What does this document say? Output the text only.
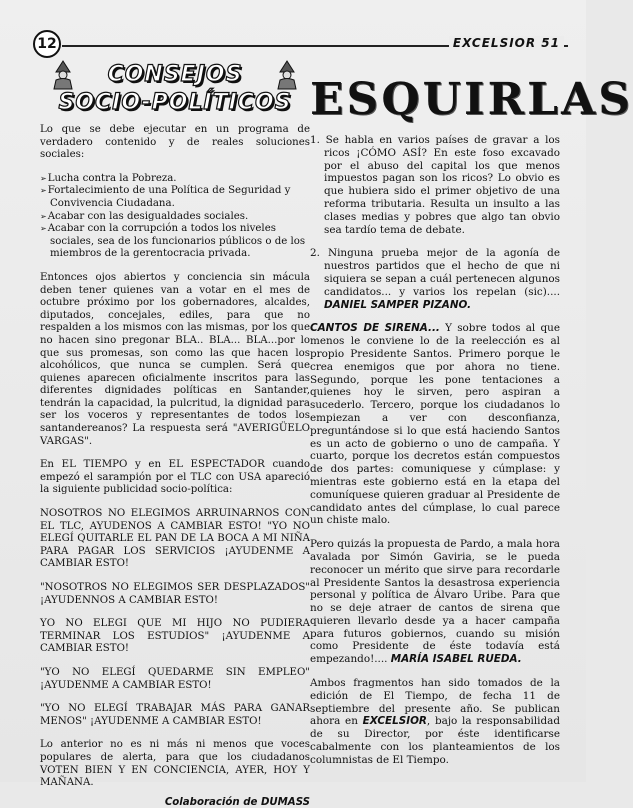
12	EXCELSIOR 51
CONSEJOS
SOCIO-POLÍTICOS

Lo que se debe ejecutar en un programa de verdadero contenido y de reales soluciones sociales:

➢ Lucha contra la Pobreza.
➢ Fortalecimiento de una Política de Seguridad y Convivencia Ciudadana.
➢ Acabar con las desigualdades sociales.
➢ Acabar con la corrupción a todos los niveles sociales, sea de los funcionarios públicos o de los miembros de la gerentocracia privada.

Entonces ojos abiertos y conciencia sin mácula deben tener quienes van a votar en el mes de octubre próximo por los gobernadores, alcaldes, diputados, concejales, ediles, para que no respalden a los mismos con las mismas, por los que no hacen sino pregonar BLA.. BLA... BLA...por lo que sus promesas, son como las que hacen los alcohólicos, que nunca se cumplen. Será que quienes aparecen oficialmente inscritos para las diferentes dignidades políticas en Santander, tendrán la capacidad, la pulcritud, la dignidad para ser los voceros y representantes de todos los santandereanos? La respuesta será "AVERIGÜELO VARGAS".

En EL TIEMPO y en EL ESPECTADOR cuando empezó el sarampión por el TLC con USA apareció la siguiente publicidad socio-política:

NOSOTROS NO ELEGIMOS ARRUINARNOS CON EL TLC, AYUDENOS A CAMBIAR ESTO! "YO NO ELEGÍ QUITARLE EL PAN DE LA BOCA A MI NIÑA PARA PAGAR LOS SERVICIOS ¡AYUDENME A CAMBIAR ESTO!

"NOSOTROS NO ELEGIMOS SER DESPLAZADOS" ¡AYUDENNOS A CAMBIAR ESTO!

YO NO ELEGI QUE MI HIJO NO PUDIERA TERMINAR LOS ESTUDIOS" ¡AYUDENME A CAMBIAR ESTO!

"YO NO ELEGÍ QUEDARME SIN EMPLEO" ¡AYUDENME A CAMBIAR ESTO!

"YO NO ELEGÍ TRABAJAR MÁS PARA GANAR MENOS" ¡AYUDENME A CAMBIAR ESTO!

Lo anterior no es ni más ni menos que voces populares de alerta, para que los ciudadanos VOTEN BIEN Y EN CONCIENCIA, AYER, HOY Y MAÑANA.

Colaboración de DUMASS
ESQUIRLAS
1. Se habla en varios países de gravar a los ricos ¡CÓMO ASÍ? En este foso excavado por el abuso del capital los que menos impuestos pagan son los ricos? Lo obvio es que hubiera sido el primer objetivo de una reforma tributaria. Resulta un insulto a las clases medias y pobres que algo tan obvio sea tardío tema de debate.
2. Ninguna prueba mejor de la agonía de nuestros partidos que el hecho de que ni siquiera se sepan a cuál pertenecen algunos candidatos... y varios los repelan (sic).... DANIEL SAMPER PIZANO.

CANTOS DE SIRENA... Y sobre todos al que menos le conviene lo de la reelección es al propio Presidente Santos. Primero porque le crea enemigos que por ahora no tiene. Segundo, porque les pone tentaciones a quienes hoy le sirven, pero aspiran a sucederlo. Tercero, porque los ciudadanos lo empiezan a ver con desconfianza, preguntándose si lo que está haciendo Santos es un acto de gobierno o uno de campaña. Y cuarto, porque los decretos están compuestos de dos partes: comuniquese y cúmplase: y mientras este gobierno está en la etapa del comuníquese quieren graduar al Presidente de candidato antes del cúmplase, lo cual parece un chiste malo.

Pero quizás la propuesta de Pardo, a mala hora avalada por Simón Gaviria, se le pueda reconocer un mérito que sirve para recordarle al Presidente Santos la desastrosa experiencia personal y política de Álvaro Uribe. Para que no se deje atraer de cantos de sirena que quieren llevarlo desde ya a hacer campaña para futuros gobiernos, cuando su misión como Presidente de éste todavía está empezando!.... MARÍA ISABEL RUEDA.

Ambos fragmentos han sido tomados de la edición de El Tiempo, de fecha 11 de septiembre del presente año. Se publican ahora en EXCELSIOR, bajo la responsabilidad de su Director, por éste identificarse cabalmente con los planteamientos de los columnistas de El Tiempo.
